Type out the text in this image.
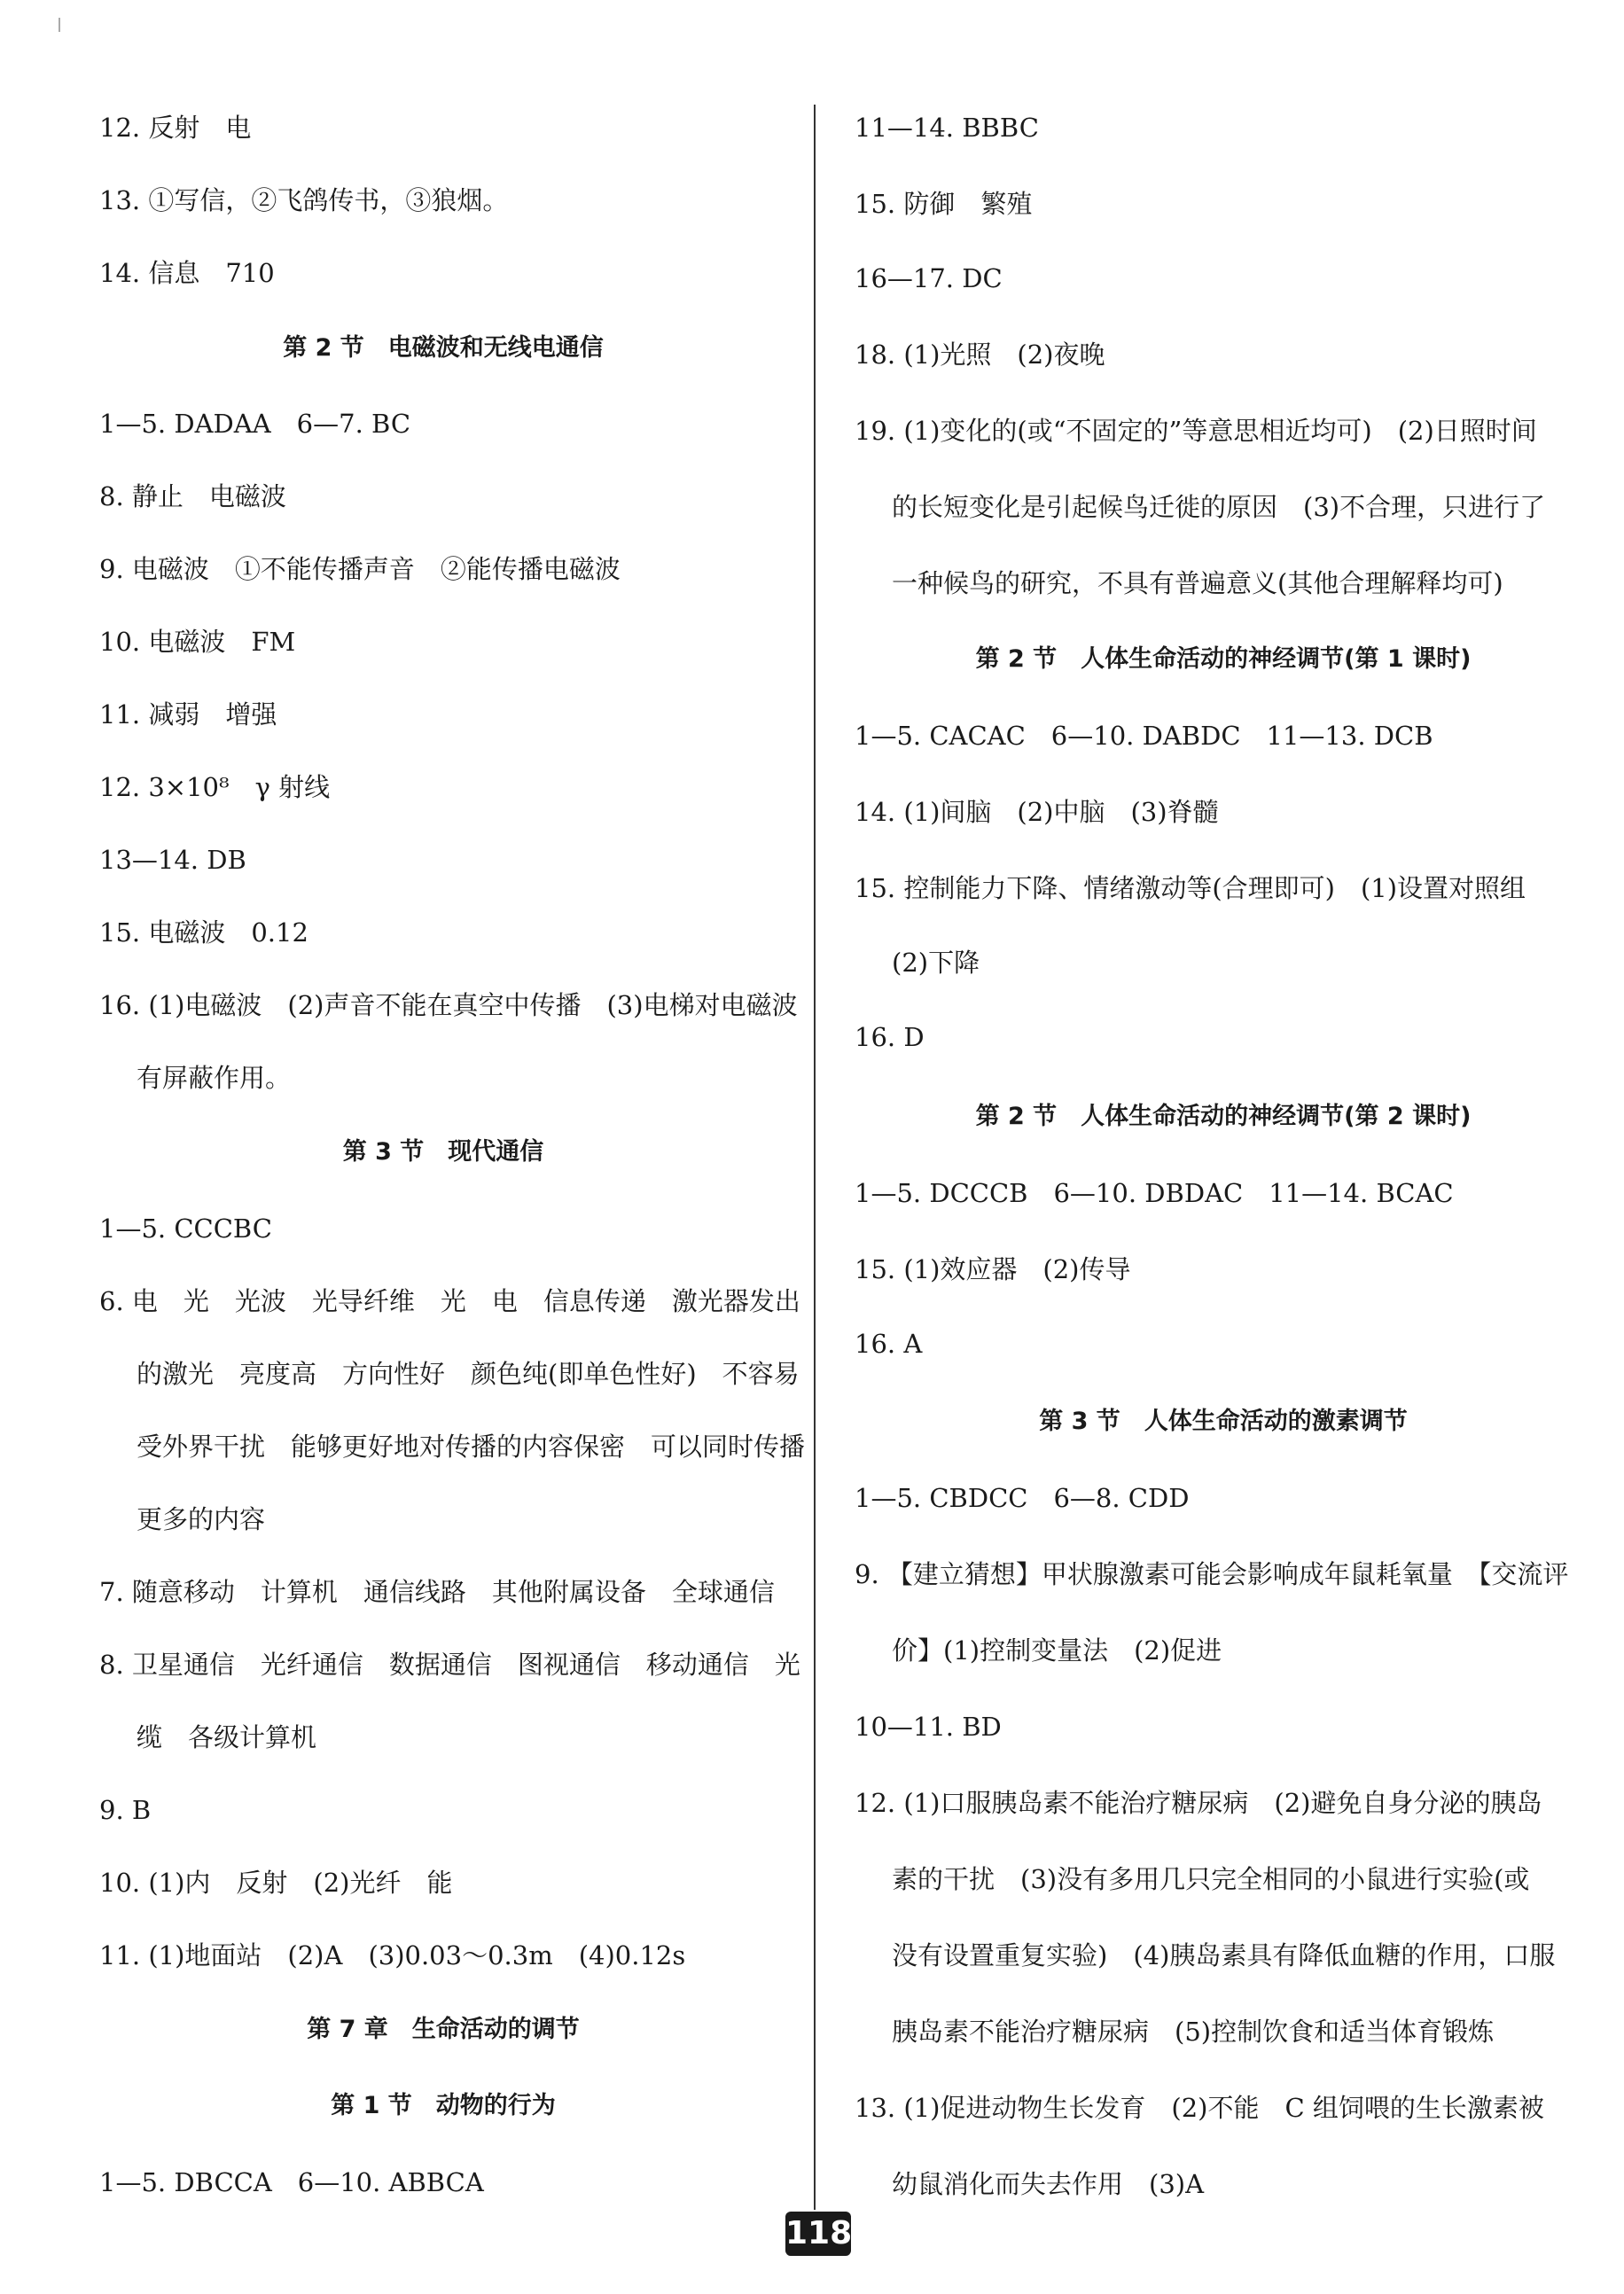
12. 反射　电
13. ①写信，②飞鸽传书，③狼烟。
14. 信息　710
第 2 节　电磁波和无线电通信
1—5. DADAA　6—7. BC
8. 静止　电磁波
9. 电磁波　①不能传播声音　②能传播电磁波
10. 电磁波　FM
11. 减弱　增强
12. 3×10⁸　γ 射线
13—14. DB
15. 电磁波　0.12
16. (1)电磁波　(2)声音不能在真空中传播　(3)电梯对电磁波
有屏蔽作用。
第 3 节　现代通信
1—5. CCCBC
6. 电　光　光波　光导纤维　光　电　信息传递　激光器发出
的激光　亮度高　方向性好　颜色纯(即单色性好)　不容易
受外界干扰　能够更好地对传播的内容保密　可以同时传播
更多的内容
7. 随意移动　计算机　通信线路　其他附属设备　全球通信
8. 卫星通信　光纤通信　数据通信　图视通信　移动通信　光
缆　各级计算机
9. B
10. (1)内　反射　(2)光纤　能
11. (1)地面站　(2)A　(3)0.03～0.3m　(4)0.12s
第 7 章　生命活动的调节
第 1 节　动物的行为
1—5. DBCCA　6—10. ABBCA
11—14. BBBC
15. 防御　繁殖
16—17. DC
18. (1)光照　(2)夜晚
19. (1)变化的(或“不固定的”等意思相近均可)　(2)日照时间
的长短变化是引起候鸟迁徙的原因　(3)不合理，只进行了
一种候鸟的研究，不具有普遍意义(其他合理解释均可)
第 2 节　人体生命活动的神经调节(第 1 课时)
1—5. CACAC　6—10. DABDC　11—13. DCB
14. (1)间脑　(2)中脑　(3)脊髓
15. 控制能力下降、情绪激动等(合理即可)　(1)设置对照组
(2)下降
16. D
第 2 节　人体生命活动的神经调节(第 2 课时)
1—5. DCCCB　6—10. DBDAC　11—14. BCAC
15. (1)效应器　(2)传导
16. A
第 3 节　人体生命活动的激素调节
1—5. CBDCC　6—8. CDD
9. 【建立猜想】甲状腺激素可能会影响成年鼠耗氧量　【交流评
价】(1)控制变量法　(2)促进
10—11. BD
12. (1)口服胰岛素不能治疗糖尿病　(2)避免自身分泌的胰岛
素的干扰　(3)没有多用几只完全相同的小鼠进行实验(或
没有设置重复实验)　(4)胰岛素具有降低血糖的作用，口服
胰岛素不能治疗糖尿病　(5)控制饮食和适当体育锻炼
13. (1)促进动物生长发育　(2)不能　C 组饲喂的生长激素被
幼鼠消化而失去作用　(3)A
118
